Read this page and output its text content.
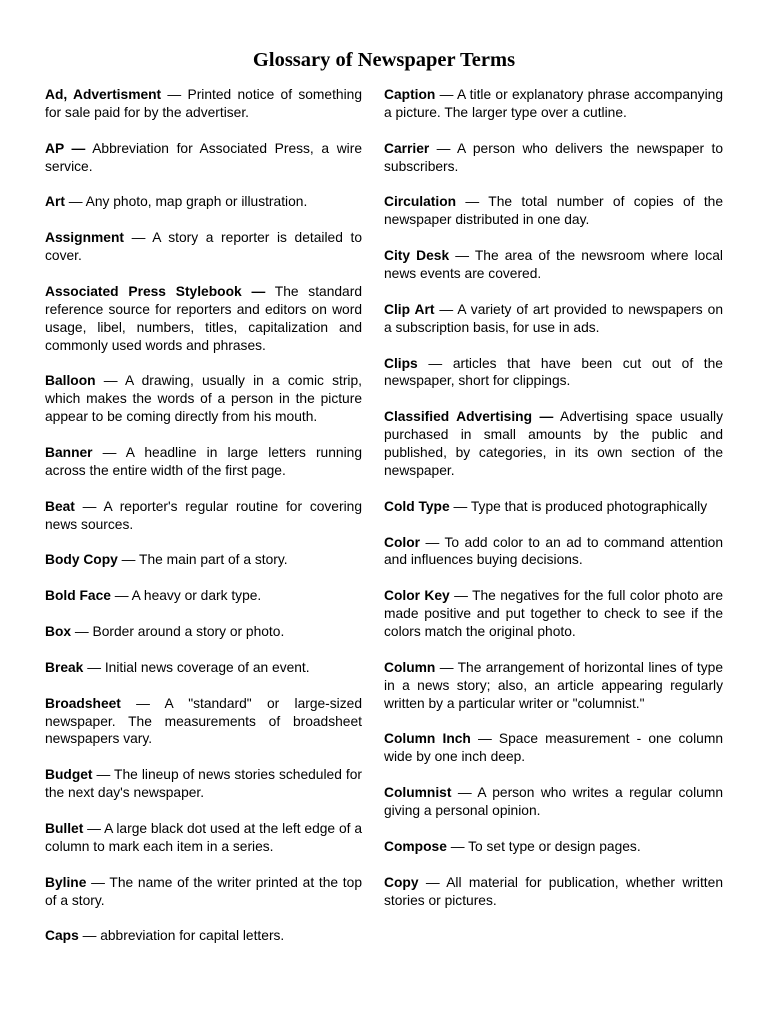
Glossary of Newspaper Terms

Ad, Advertisment — Printed notice of something for sale paid for by the advertiser.

AP — Abbreviation for Associated Press, a wire service.

Art — Any photo, map graph or illustration.

Assignment — A story a reporter is detailed to cover.

Associated Press Stylebook — The standard reference source for reporters and editors on word usage, libel, numbers, titles, capitalization and commonly used words and phrases.

Balloon — A drawing, usually in a comic strip, which makes the words of a person in the picture appear to be coming directly from his mouth.

Banner — A headline in large letters running across the entire width of the first page.

Beat — A reporter's regular routine for covering news sources.

Body Copy — The main part of a story.

Bold Face — A heavy or dark type.

Box — Border around a story or photo.

Break — Initial news coverage of an event.

Broadsheet — A "standard" or large-sized newspaper. The measurements of broadsheet newspapers vary.

Budget — The lineup of news stories scheduled for the next day's newspaper.

Bullet — A large black dot used at the left edge of a column to mark each item in a series.

Byline — The name of the writer printed at the top of a story.

Caps — abbreviation for capital letters.

Caption — A title or explanatory phrase accompanying a picture. The larger type over a cutline.

Carrier — A person who delivers the newspaper to subscribers.

Circulation — The total number of copies of the newspaper distributed in one day.

City Desk — The area of the newsroom where local news events are covered.

Clip Art — A variety of art provided to newspapers on a subscription basis, for use in ads.

Clips — articles that have been cut out of the newspaper, short for clippings.

Classified Advertising — Advertising space usually purchased in small amounts by the public and published, by categories, in its own section of the newspaper.

Cold Type — Type that is produced photographically

Color — To add color to an ad to command attention and influences buying decisions.

Color Key — The negatives for the full color photo are made positive and put together to check to see if the colors match the original photo.

Column — The arrangement of horizontal lines of type in a news story; also, an article appearing regularly written by a particular writer or "columnist."

Column Inch — Space measurement - one column wide by one inch deep.

Columnist — A person who writes a regular column giving a personal opinion.

Compose — To set type or design pages.

Copy — All material for publication, whether written stories or pictures.
